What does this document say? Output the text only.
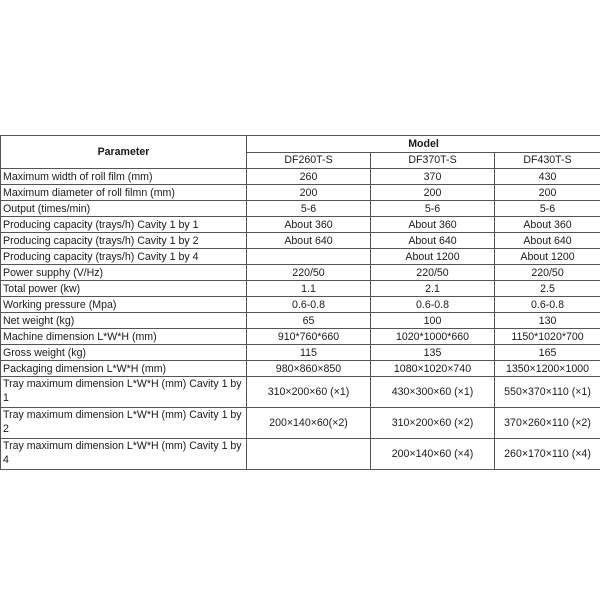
Parameter	Model		
	DF260T-S	DF370T-S	DF430T-S
Maximum width of roll film (mm)	260	370	430
Maximum diameter of roll filmn (mm)	200	200	200
Output (times/min)	5-6	5-6	5-6
Producing capacity (trays/h) Cavity 1 by 1	About 360	About 360	About 360
Producing capacity (trays/h) Cavity 1 by 2	About 640	About 640	About 640
Producing capacity (trays/h) Cavity 1 by 4		About 1200	About 1200
Power supphy (V/Hz)	220/50	220/50	220/50
Total power (kw)	1.1	2.1	2.5
Working pressure (Mpa)	0.6-0.8	0.6-0.8	0.6-0.8
Net weight (kg)	65	100	130
Machine dimension L*W*H (mm)	910*760*660	1020*1000*660	1150*1020*700
Gross weight (kg)	115	135	165
Packaging dimension L*W*H (mm)	980×860×850	1080×1020×740	1350×1200×1000
Tray maximum dimension L*W*H (mm) Cavity 1 by 1	310×200×60 (×1)	430×300×60 (×1)	550×370×110 (×1)
Tray maximum dimension L*W*H (mm) Cavity 1 by 2	200×140×60(×2)	310×200×60 (×2)	370×260×110 (×2)
Tray maximum dimension L*W*H (mm) Cavity 1 by 4		200×140×60 (×4)	260×170×110 (×4)
